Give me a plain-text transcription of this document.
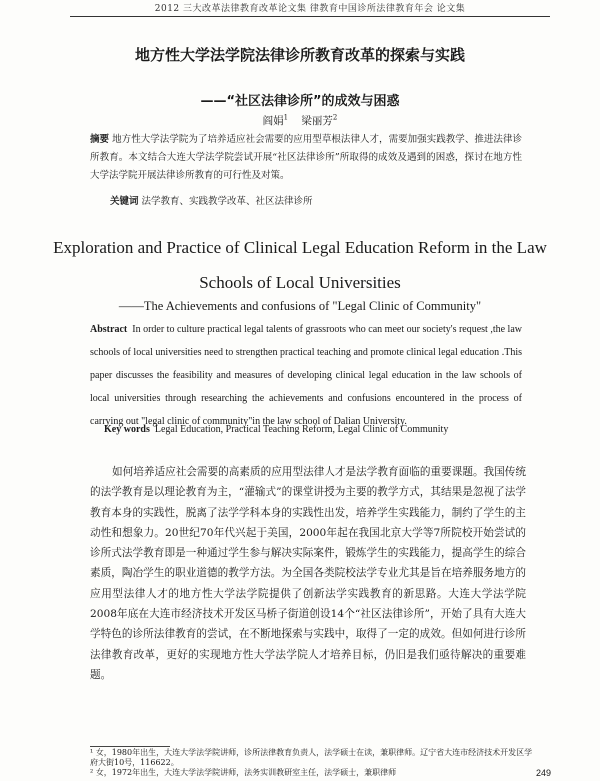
2012 三大改革法律教育改革论文集 律教育中国诊所法律教育年会 论文集
地方性大学法学院法律诊所教育改革的探索与实践
——“社区法律诊所”的成效与困惑
阎娟$^1$ 梁丽芳$^2$
摘要 地方性大学法学院为了培养适应社会需要的应用型草根法律人才，需要加强实践教学、推进法律诊所教育。本文结合大连大学法学院尝试开展“社区法律诊所”所取得的成效及遇到的困惑，探讨在地方性大学法学院开展法律诊所教育的可行性及对策。
关键词 法学教育、实践教学改革、社区法律诊所
Exploration and Practice of Clinical Legal Education Reform in the Law
Schools of Local Universities
——The Achievements and confusions of "Legal Clinic of Community"
Abstract In order to culture practical legal talents of grassroots who can meet our society's request ,the law schools of local universities need to strengthen practical teaching and promote clinical legal education .This paper discusses the feasibility and measures of developing clinical legal education in the law schools of local universities through researching the achievements and confusions encountered in the process of carrying out "legal clinic of community"in the law school of Dalian University.
Key words Legal Education, Practical Teaching Reform, Legal Clinic of Community
如何培养适应社会需要的高素质的应用型法律人才是法学教育面临的重要课题。我国传统的法学教育是以理论教育为主，“灌输式”的课堂讲授为主要的教学方式，其结果是忽视了法学教育本身的实践性，脱离了法学学科本身的实践性出发，培养学生实践能力，制约了学生的主动性和想象力。20世纪70年代兴起于美国，2000年起在我国北京大学等7所院校开始尝试的诊所式法学教育即是一种通过学生参与解决实际案件，锻炼学生的实践能力，提高学生的综合素质，陶冶学生的职业道德的教学方法。为全国各类院校法学专业尤其是旨在培养服务地方的应用型法律人才的地方性大学法学院提供了创新法学实践教育的新思路。大连大学法学院2008年底在大连市经济技术开发区马桥子街道创设14个“社区法律诊所”，开始了具有大连大学特色的诊所法律教育的尝试，在不断地探索与实践中，取得了一定的成效。但如何进行诊所法律教育改革，更好的实现地方性大学法学院人才培养目标，仍旧是我们亟待解决的重要难题。

¹ 女，1980年出生，大连大学法学院讲师，诊所法律教育负责人，法学硕士在读，兼职律师。辽宁省大连市经济技术开发区学府大街10号，116622。

² 女，1972年出生，大连大学法学院讲师，法务实训教研室主任，法学硕士，兼职律师	249
